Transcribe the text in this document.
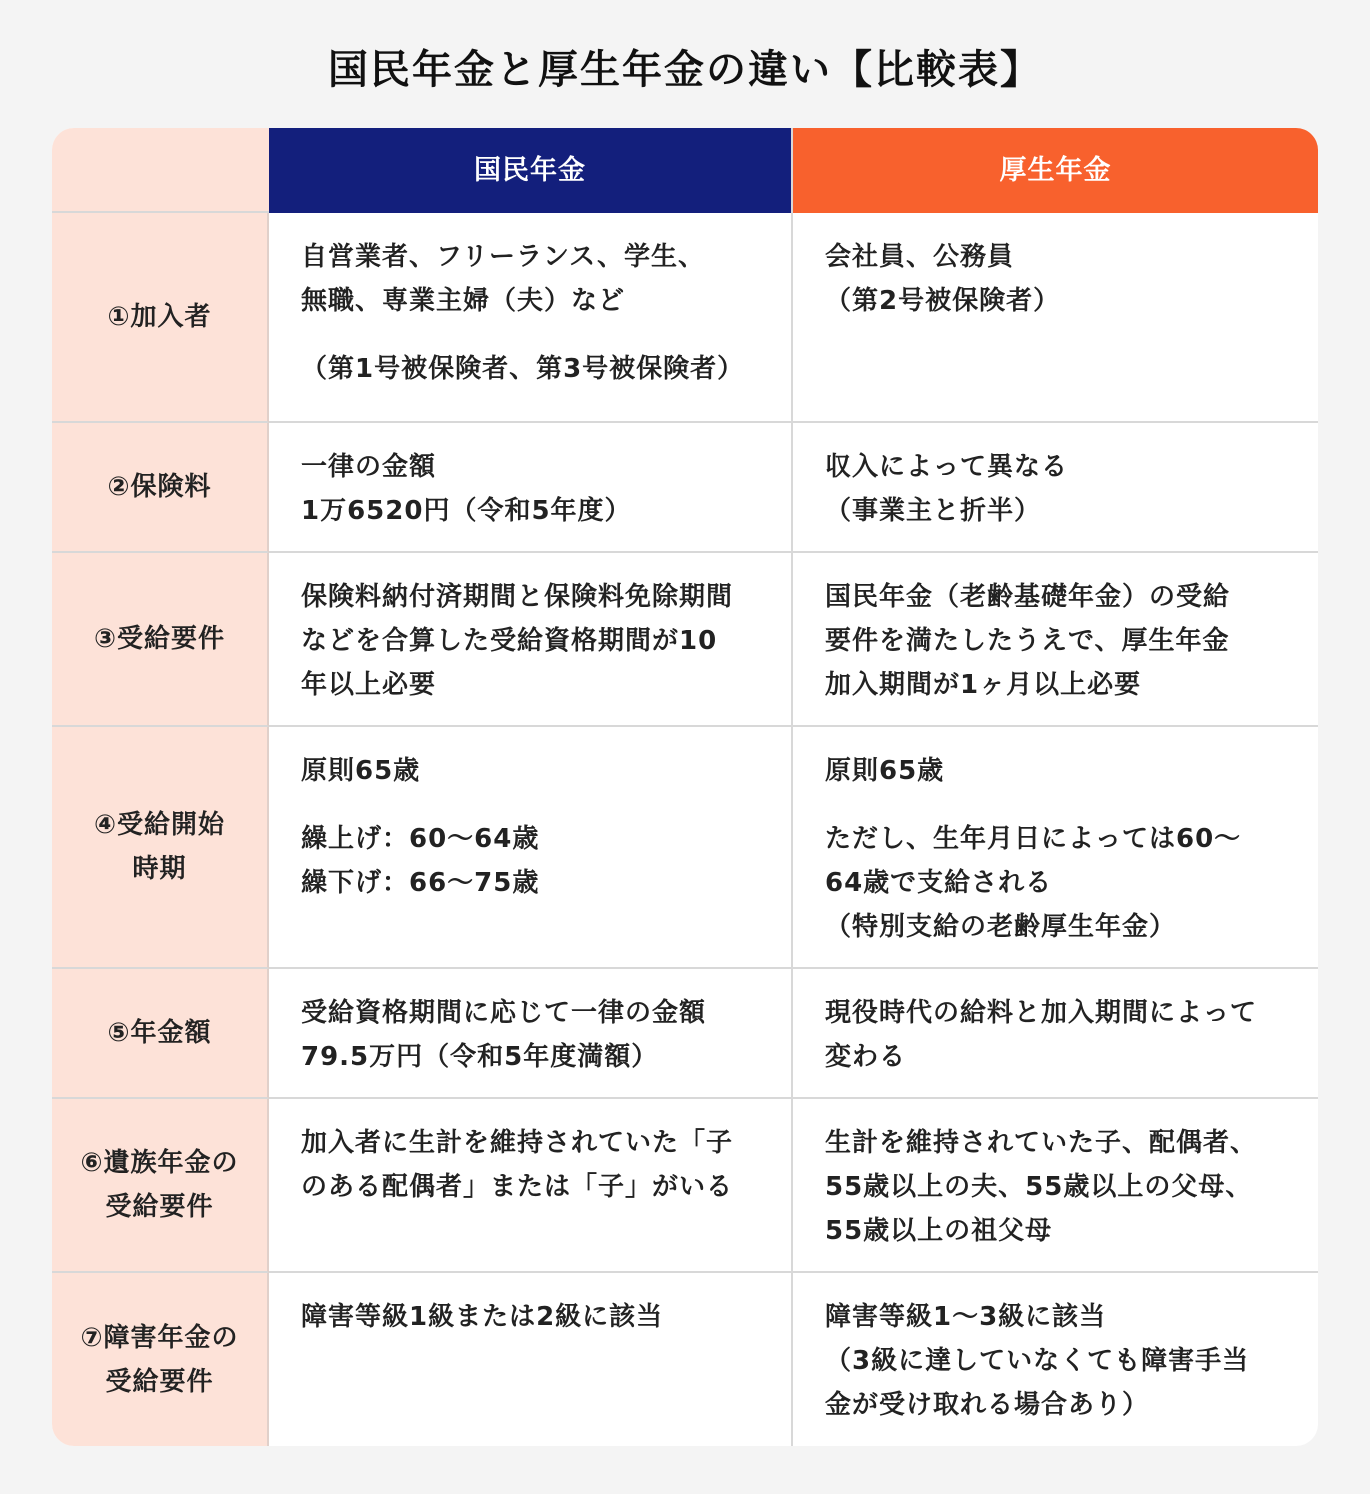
国民年金と厚生年金の違い【比較表】
国民年金	厚生年金
①加入者
自営業者、フリーランス、学生、
無職、専業主婦（夫）など
（第1号被保険者、第3号被保険者）
会社員、公務員
（第2号被保険者）
②保険料
一律の金額
1万6520円（令和5年度）
収入によって異なる
（事業主と折半）
③受給要件
保険料納付済期間と保険料免除期間
などを合算した受給資格期間が10
年以上必要
国民年金（老齢基礎年金）の受給
要件を満たしたうえで、厚生年金
加入期間が1ヶ月以上必要
④受給開始
時期
原則65歳
繰上げ：60～64歳
繰下げ：66～75歳
原則65歳
ただし、生年月日によっては60～
64歳で支給される
（特別支給の老齢厚生年金）
⑤年金額
受給資格期間に応じて一律の金額
79.5万円（令和5年度満額）
現役時代の給料と加入期間によって
変わる
⑥遺族年金の
受給要件
加入者に生計を維持されていた「子
のある配偶者」または「子」がいる
生計を維持されていた子、配偶者、
55歳以上の夫、55歳以上の父母、
55歳以上の祖父母
⑦障害年金の
受給要件
障害等級1級または2級に該当	障害等級1～3級に該当
（3級に達していなくても障害手当
金が受け取れる場合あり）
